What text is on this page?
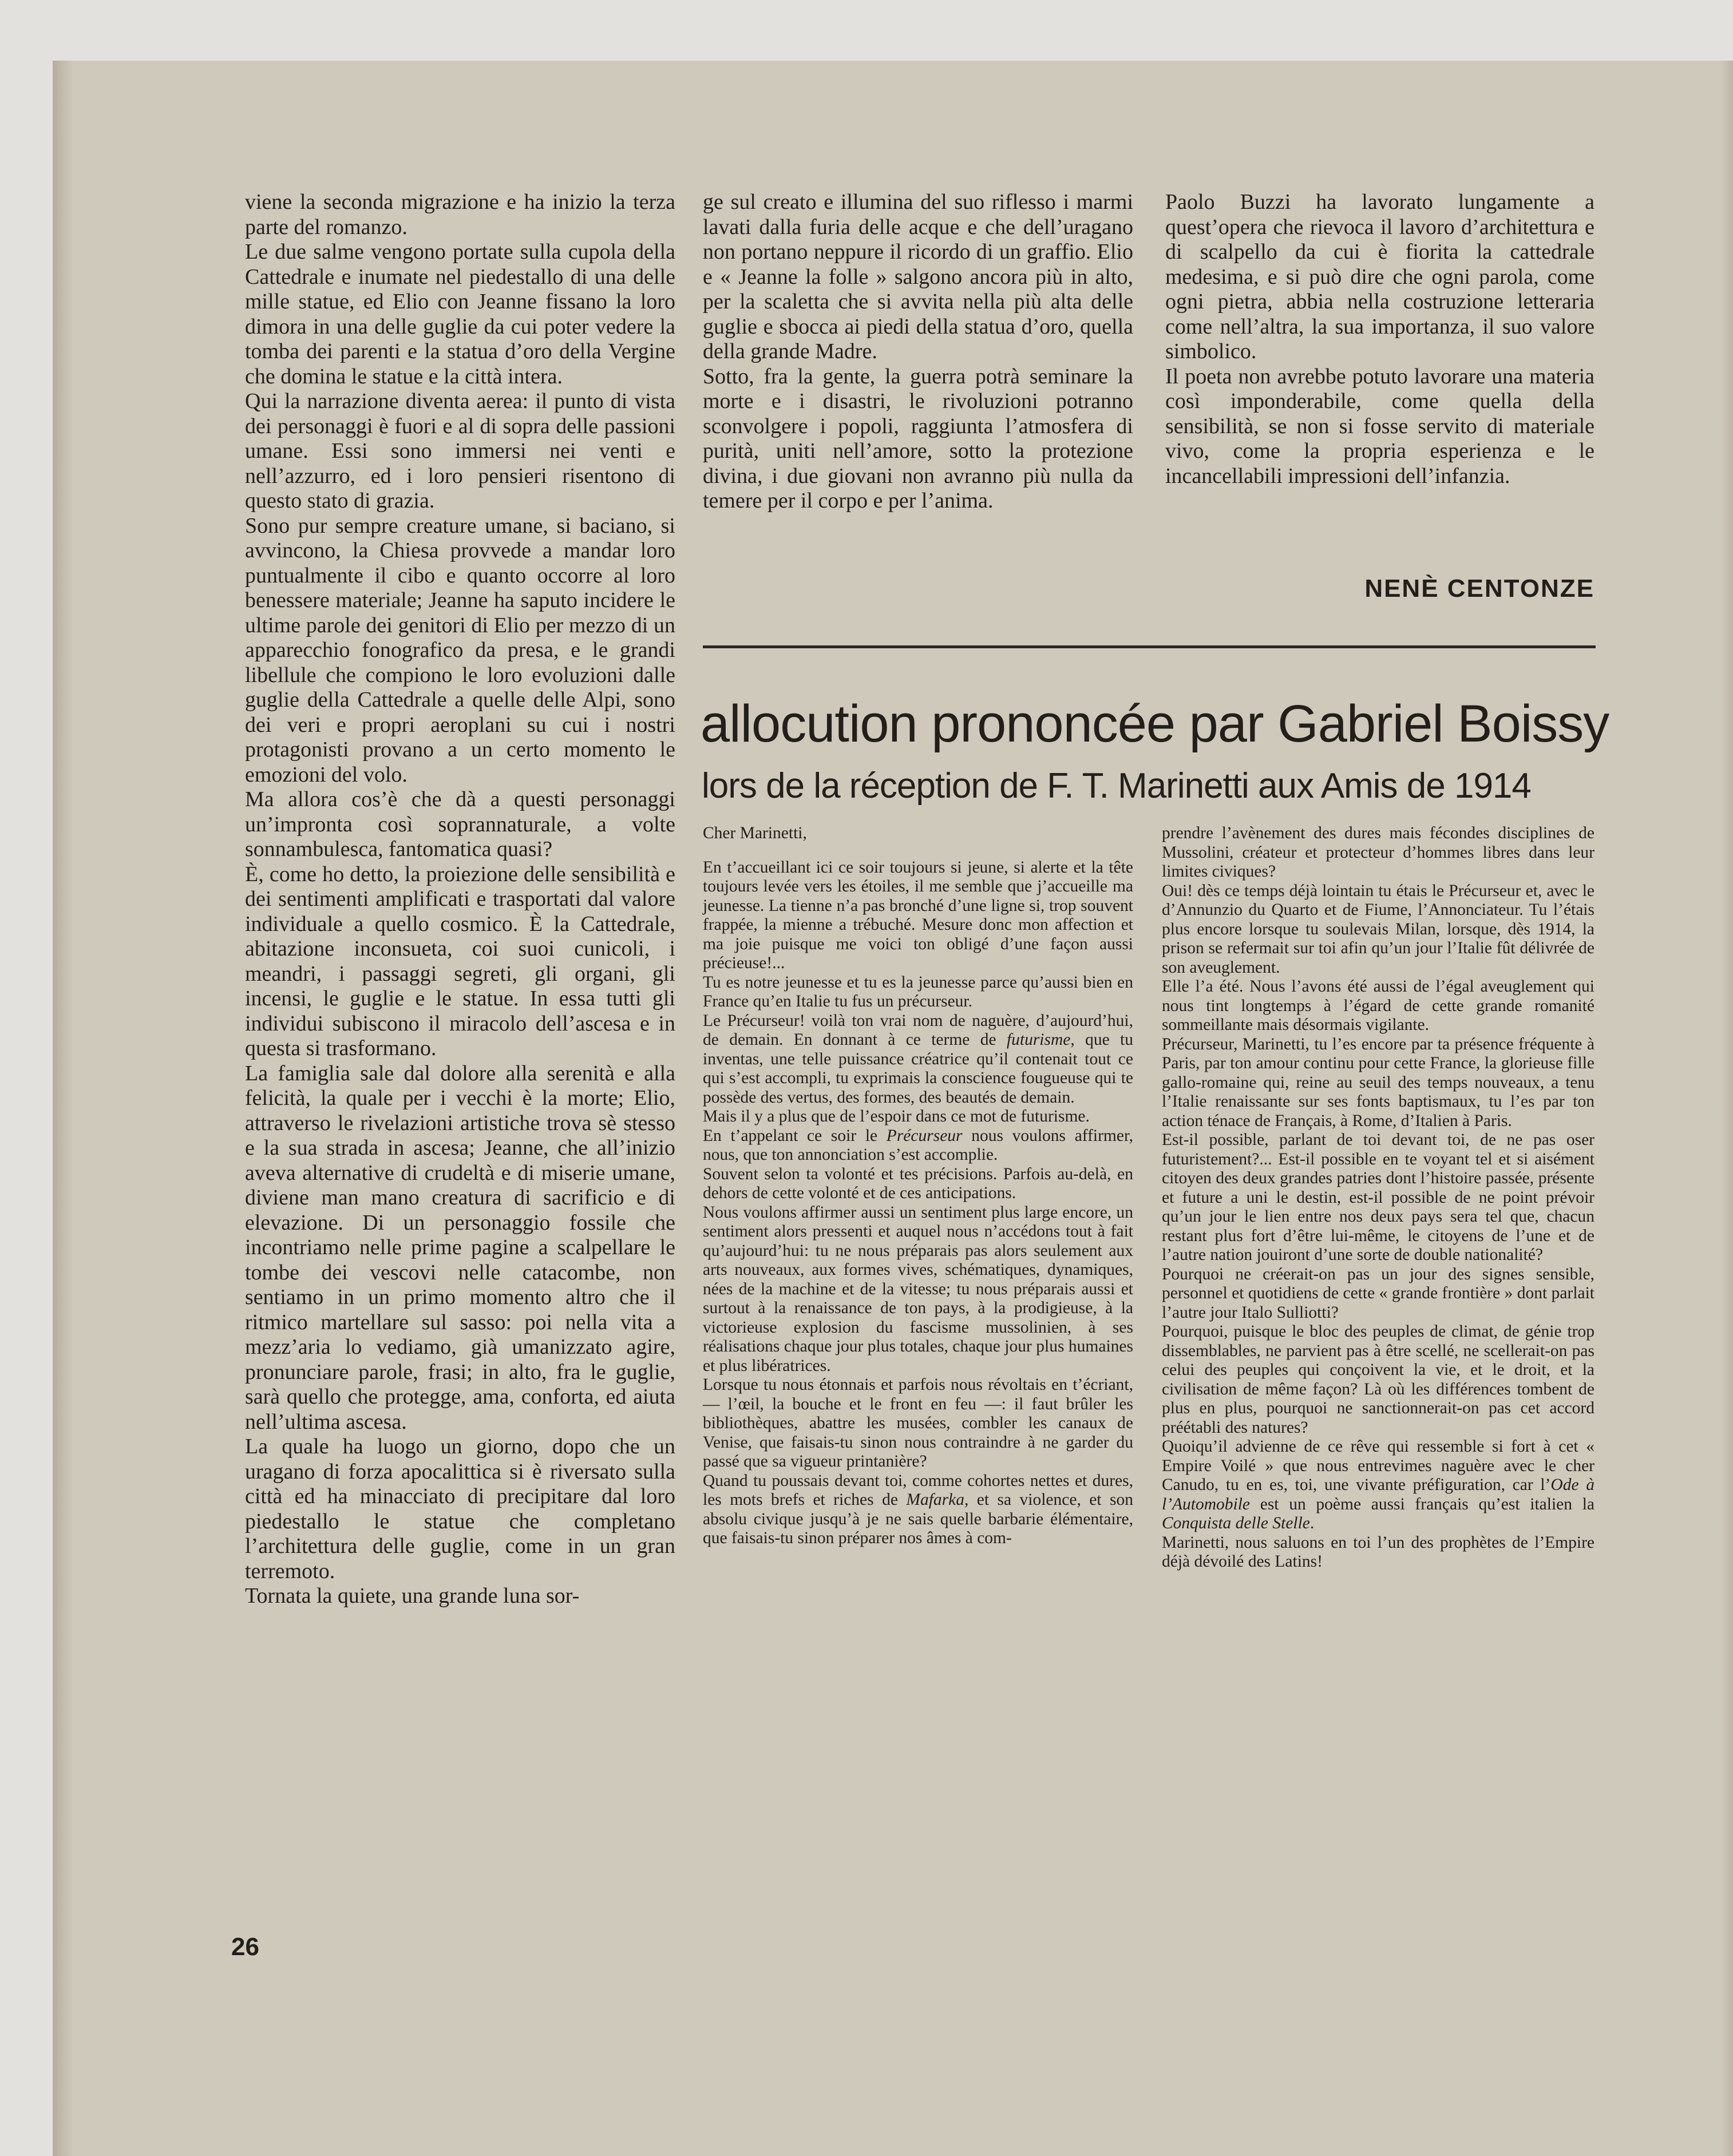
viene la seconda migrazione e ha inizio la terza parte del romanzo.

Le due salme vengono portate sulla cupola della Cattedrale e inumate nel piedestallo di una delle mille statue, ed Elio con Jeanne fissano la loro dimora in una delle guglie da cui poter vedere la tomba dei parenti e la statua d’oro della Vergine che domina le statue e la città intera.

Qui la narrazione diventa aerea: il punto di vista dei personaggi è fuori e al di sopra delle passioni umane. Essi sono immersi nei venti e nell’azzurro, ed i loro pensieri risentono di questo stato di grazia.

Sono pur sempre creature umane, si baciano, si avvincono, la Chiesa provvede a mandar loro puntualmente il cibo e quanto occorre al loro benessere materiale; Jeanne ha saputo incidere le ultime parole dei genitori di Elio per mezzo di un apparecchio fonografico da presa, e le grandi libellule che compiono le loro evoluzioni dalle guglie della Cattedrale a quelle delle Alpi, sono dei veri e propri aeroplani su cui i nostri protagonisti provano a un certo momento le emozioni del volo.

Ma allora cos’è che dà a questi personaggi un’impronta così soprannaturale, a volte sonnambulesca, fantomatica quasi?

È, come ho detto, la proiezione delle sensibilità e dei sentimenti amplificati e trasportati dal valore individuale a quello cosmico. È la Cattedrale, abitazione inconsueta, coi suoi cunicoli, i meandri, i passaggi segreti, gli organi, gli incensi, le guglie e le statue. In essa tutti gli individui subiscono il miracolo dell’ascesa e in questa si trasformano.

La famiglia sale dal dolore alla serenità e alla felicità, la quale per i vecchi è la morte; Elio, attraverso le rivelazioni artistiche trova sè stesso e la sua strada in ascesa; Jeanne, che all’inizio aveva alternative di crudeltà e di miserie umane, diviene man mano creatura di sacrificio e di elevazione. Di un personaggio fossile che incontriamo nelle prime pagine a scalpellare le tombe dei vescovi nelle catacombe, non sentiamo in un primo momento altro che il ritmico martellare sul sasso: poi nella vita a mezz’aria lo vediamo, già umanizzato agire, pronunciare parole, frasi; in alto, fra le guglie, sarà quello che protegge, ama, conforta, ed aiuta nell’ultima ascesa.

La quale ha luogo un giorno, dopo che un uragano di forza apocalittica si è riversato sulla città ed ha minacciato di precipitare dal loro piedestallo le statue che completano l’architettura delle guglie, come in un gran terremoto.

Tornata la quiete, una grande luna sor-

ge sul creato e illumina del suo riflesso i marmi lavati dalla furia delle acque e che dell’uragano non portano neppure il ricordo di un graffio. Elio e « Jeanne la folle » salgono ancora più in alto, per la scaletta che si avvita nella più alta delle guglie e sbocca ai piedi della statua d’oro, quella della grande Madre.

Sotto, fra la gente, la guerra potrà seminare la morte e i disastri, le rivoluzioni potranno sconvolgere i popoli, raggiunta l’atmosfera di purità, uniti nell’amore, sotto la protezione divina, i due giovani non avranno più nulla da temere per il corpo e per l’anima.

Paolo Buzzi ha lavorato lungamente a quest’opera che rievoca il lavoro d’architettura e di scalpello da cui è fiorita la cattedrale medesima, e si può dire che ogni parola, come ogni pietra, abbia nella costruzione letteraria come nell’altra, la sua importanza, il suo valore simbolico.

Il poeta non avrebbe potuto lavorare una materia così imponderabile, come quella della sensibilità, se non si fosse servito di materiale vivo, come la propria esperienza e le incancellabili impressioni dell’infanzia.

NENÈ CENTONZE

allocution prononcée par Gabriel Boissy
lors de la réception de F. T. Marinetti aux Amis de 1914

Cher Marinetti,

En t’accueillant ici ce soir toujours si jeune, si alerte et la tête toujours levée vers les étoiles, il me semble que j’accueille ma jeunesse. La tienne n’a pas bronché d’une ligne si, trop souvent frappée, la mienne a trébuché. Mesure donc mon affection et ma joie puisque me voici ton obligé d’une façon aussi précieuse!...

Tu es notre jeunesse et tu es la jeunesse parce qu’aussi bien en France qu’en Italie tu fus un précurseur.

Le Précurseur! voilà ton vrai nom de naguère, d’aujourd’hui, de demain. En donnant à ce terme de futurisme, que tu inventas, une telle puissance créatrice qu’il contenait tout ce qui s’est accompli, tu exprimais la conscience fougueuse qui te possède des vertus, des formes, des beautés de demain.

Mais il y a plus que de l’espoir dans ce mot de futurisme.

En t’appelant ce soir le Précurseur nous voulons affirmer, nous, que ton annonciation s’est accomplie.

Souvent selon ta volonté et tes précisions. Parfois au-delà, en dehors de cette volonté et de ces anticipations.

Nous voulons affirmer aussi un sentiment plus large encore, un sentiment alors pressenti et auquel nous n’accédons tout à fait qu’aujourd’hui: tu ne nous préparais pas alors seulement aux arts nouveaux, aux formes vives, schématiques, dynamiques, nées de la machine et de la vitesse; tu nous préparais aussi et surtout à la renaissance de ton pays, à la prodigieuse, à la victorieuse explosion du fascisme mussolinien, à ses réalisations chaque jour plus totales, chaque jour plus humaines et plus libératrices.

Lorsque tu nous étonnais et parfois nous révoltais en t’écriant, — l’œil, la bouche et le front en feu —: il faut brûler les bibliothèques, abattre les musées, combler les canaux de Venise, que faisais-tu sinon nous contraindre à ne garder du passé que sa vigueur printanière?

Quand tu poussais devant toi, comme cohortes nettes et dures, les mots brefs et riches de Mafarka, et sa violence, et son absolu civique jusqu’à je ne sais quelle barbarie élémentaire, que faisais-tu sinon préparer nos âmes à com-

prendre l’avènement des dures mais fécondes disciplines de Mussolini, créateur et protecteur d’hommes libres dans leur limites civiques?

Oui! dès ce temps déjà lointain tu étais le Précurseur et, avec le d’Annunzio du Quarto et de Fiume, l’Annonciateur. Tu l’étais plus encore lorsque tu soulevais Milan, lorsque, dès 1914, la prison se refermait sur toi afin qu’un jour l’Italie fût délivrée de son aveuglement.

Elle l’a été. Nous l’avons été aussi de l’égal aveuglement qui nous tint longtemps à l’égard de cette grande romanité sommeillante mais désormais vigilante.

Précurseur, Marinetti, tu l’es encore par ta présence fréquente à Paris, par ton amour continu pour cette France, la glorieuse fille gallo-romaine qui, reine au seuil des temps nouveaux, a tenu l’Italie renaissante sur ses fonts baptismaux, tu l’es par ton action ténace de Français, à Rome, d’Italien à Paris.

Est-il possible, parlant de toi devant toi, de ne pas oser futuristement?... Est-il possible en te voyant tel et si aisément citoyen des deux grandes patries dont l’histoire passée, présente et future a uni le destin, est-il possible de ne point prévoir qu’un jour le lien entre nos deux pays sera tel que, chacun restant plus fort d’être lui-même, le citoyens de l’une et de l’autre nation jouiront d’une sorte de double nationalité?

Pourquoi ne créerait-on pas un jour des signes sensible, personnel et quotidiens de cette « grande frontière » dont parlait l’autre jour Italo Sulliotti?

Pourquoi, puisque le bloc des peuples de climat, de génie trop dissemblables, ne parvient pas à être scellé, ne scellerait-on pas celui des peuples qui conçoivent la vie, et le droit, et la civilisation de même façon? Là où les différences tombent de plus en plus, pourquoi ne sanctionnerait-on pas cet accord préétabli des natures?

Quoiqu’il advienne de ce rêve qui ressemble si fort à cet « Empire Voilé » que nous entrevimes naguère avec le cher Canudo, tu en es, toi, une vivante préfiguration, car l’Ode à l’Automobile est un poème aussi français qu’est italien la Conquista delle Stelle.

Marinetti, nous saluons en toi l’un des prophètes de l’Empire déjà dévoilé des Latins!

26
